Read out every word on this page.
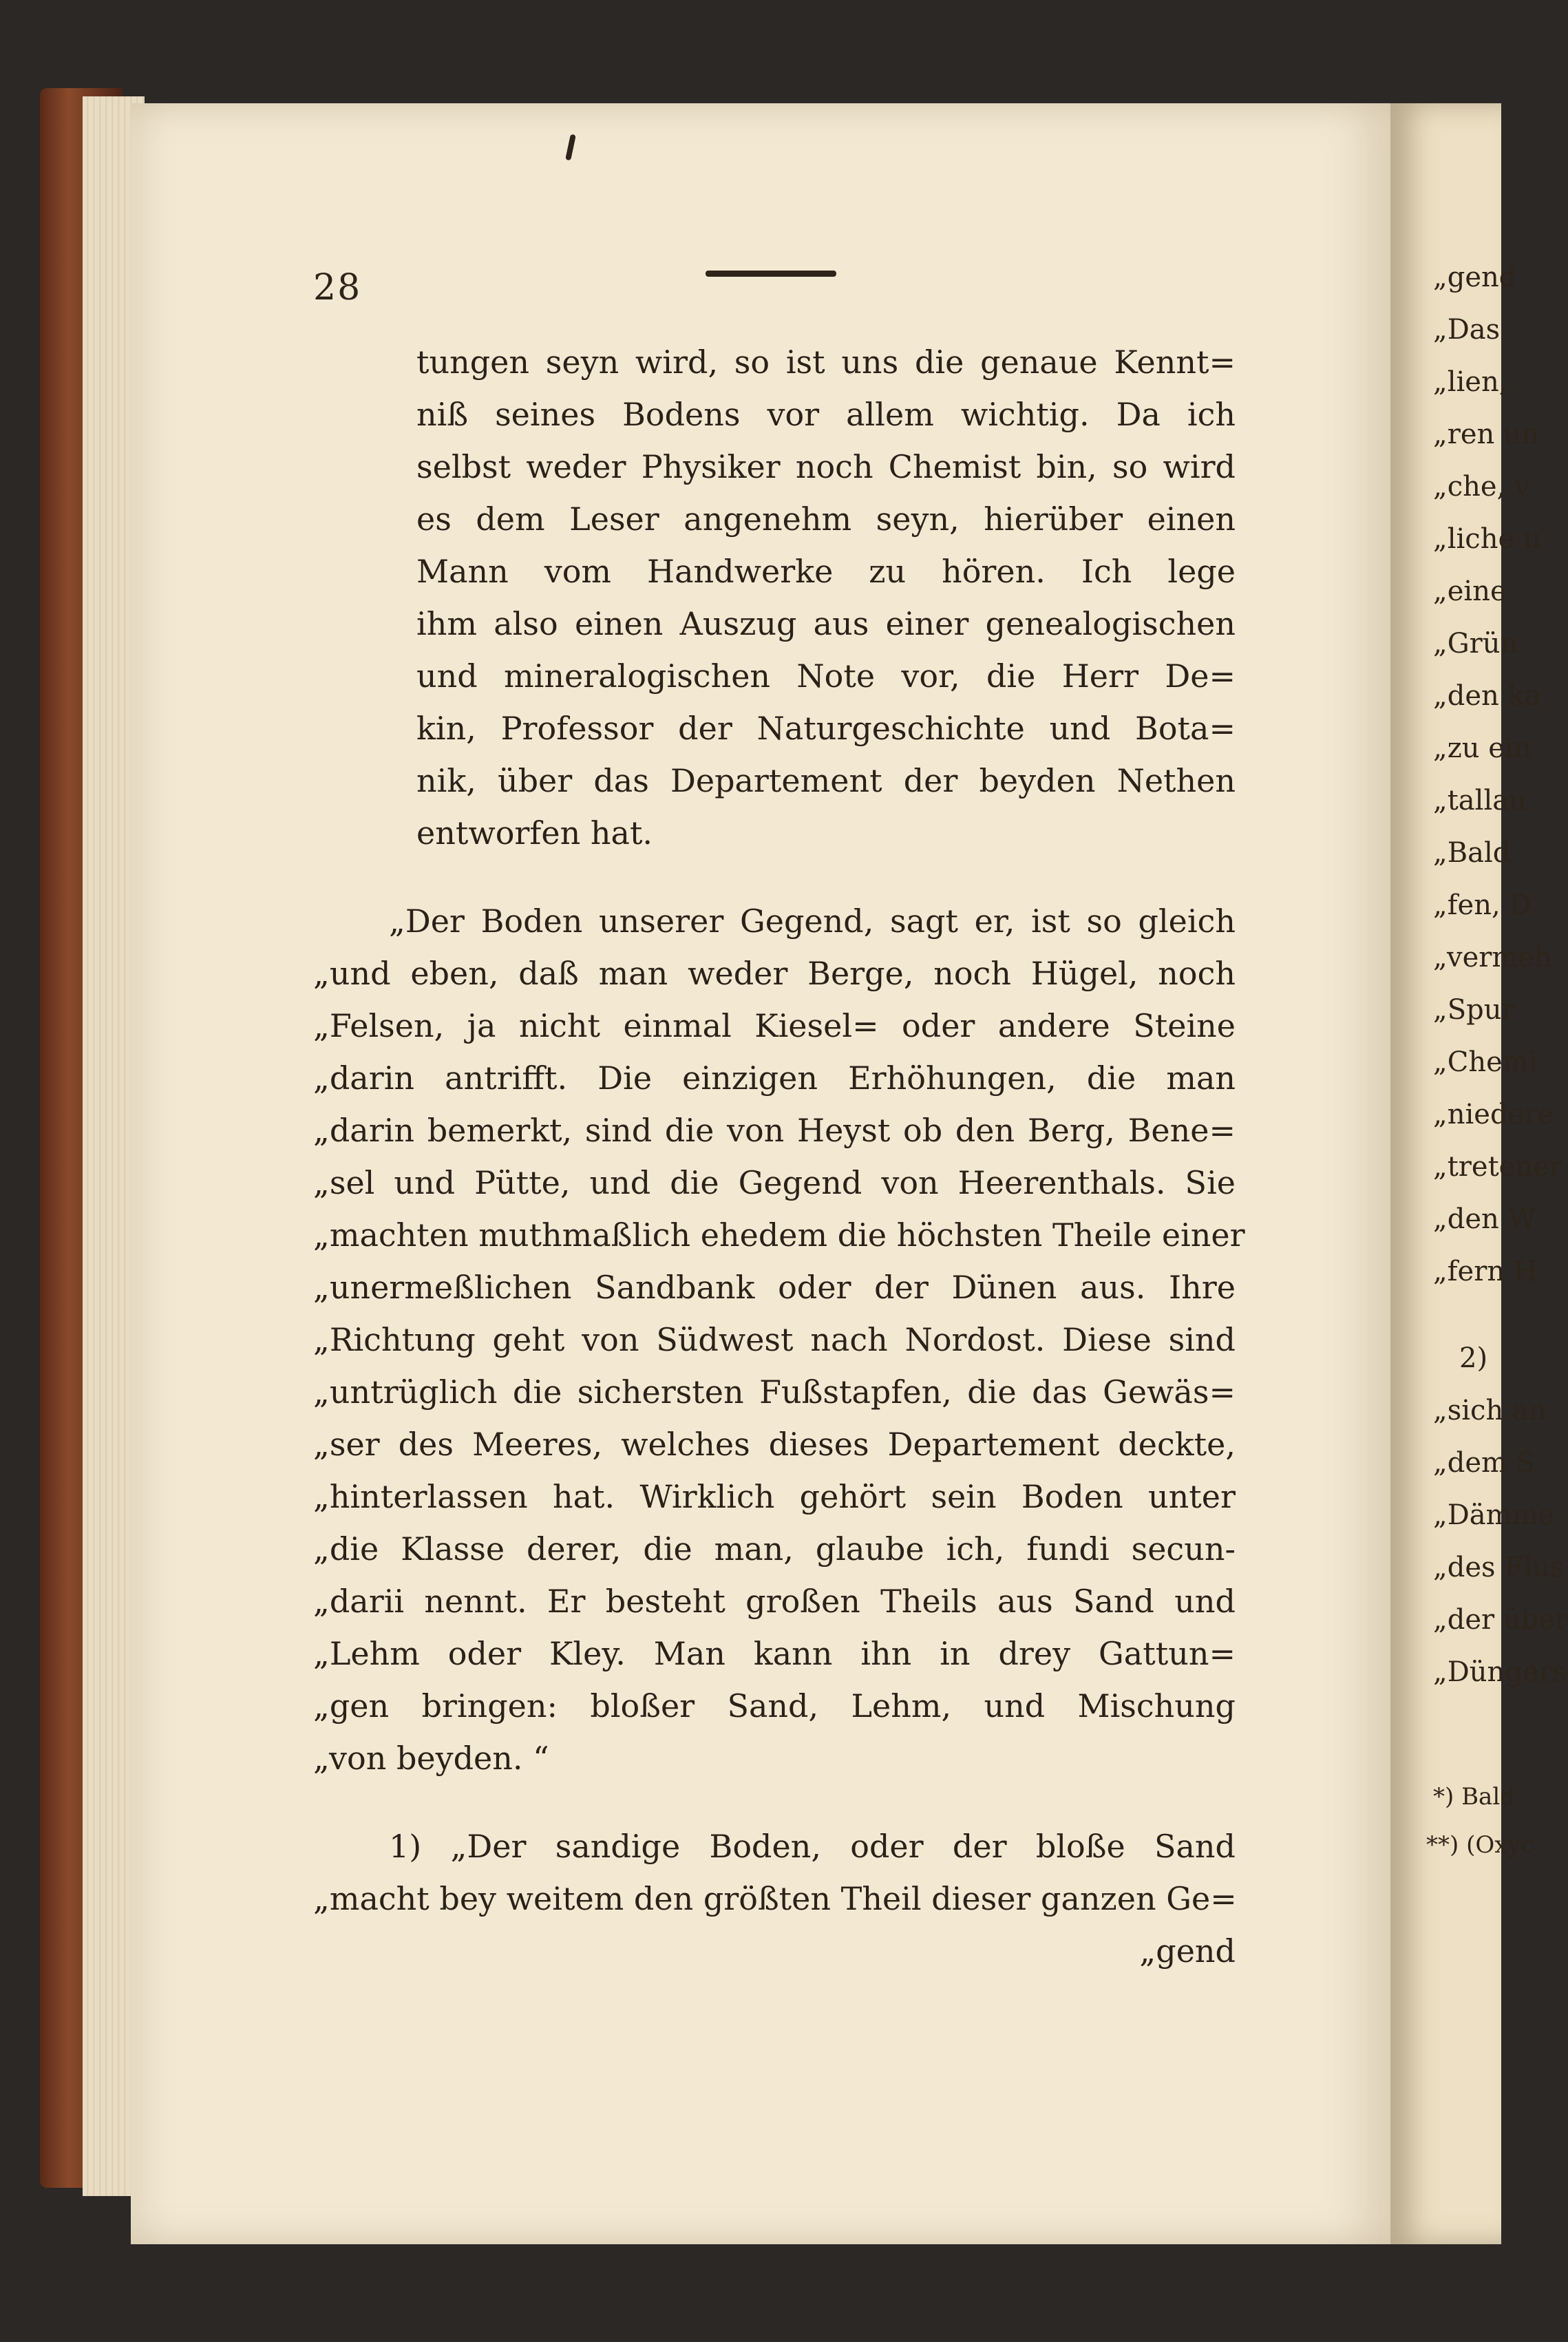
„gend
„Das
„lien,
„ren un
„che, v
„liche u
„eine
„Grün
„den ka
„zu ein
„tallau
„Bald
„fen, D
„vermeh
„Spur
„Chemi
„niedere
„tretener
„den W
„fern H
2)
„sich an
„dem S
„Dämme
„des Flus
„der über
„Düngers
*) Bald
**) (Oxyc
28
tungen seyn wird, so ist uns die genaue Kennt=
niß seines Bodens vor allem wichtig. Da ich
selbst weder Physiker noch Chemist bin, so wird
es dem Leser angenehm seyn, hierüber einen
Mann vom Handwerke zu hören. Ich lege
ihm also einen Auszug aus einer genealogischen
und mineralogischen Note vor, die Herr De=
kin, Professor der Naturgeschichte und Bota=
nik, über das Departement der beyden Nethen
entworfen hat.
„Der Boden unserer Gegend, sagt er, ist so gleich
„und eben, daß man weder Berge, noch Hügel, noch
„Felsen, ja nicht einmal Kiesel= oder andere Steine
„darin antrifft. Die einzigen Erhöhungen, die man
„darin bemerkt, sind die von Heyst ob den Berg, Bene=
„sel und Pütte, und die Gegend von Heerenthals. Sie
„machten muthmaßlich ehedem die höchsten Theile einer
„unermeßlichen Sandbank oder der Dünen aus. Ihre
„Richtung geht von Südwest nach Nordost. Diese sind
„untrüglich die sichersten Fußstapfen, die das Gewäs=
„ser des Meeres, welches dieses Departement deckte,
„hinterlassen hat. Wirklich gehört sein Boden unter
„die Klasse derer, die man, glaube ich, fundi secun-
„darii nennt. Er besteht großen Theils aus Sand und
„Lehm oder Kley. Man kann ihn in drey Gattun=
„gen bringen: bloßer Sand, Lehm, und Mischung
„von beyden. “
1) „Der sandige Boden, oder der bloße Sand
„macht bey weitem den größten Theil dieser ganzen Ge=
„gend
